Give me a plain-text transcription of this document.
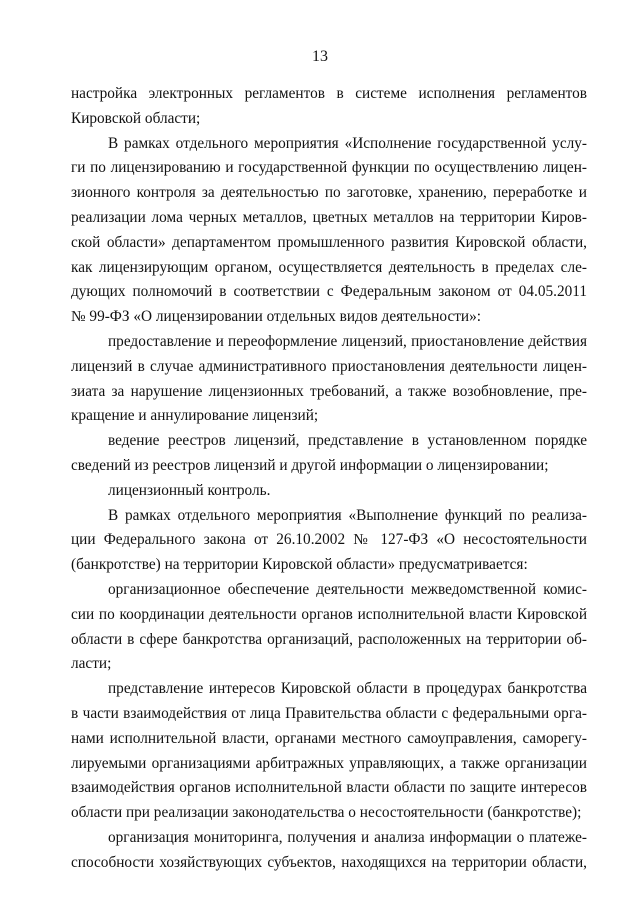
13
настройка электронных регламентов в системе исполнения регламентов
Кировской области;
В рамках отдельного мероприятия «Исполнение государственной услу-
ги по лицензированию и государственной функции по осуществлению лицен-
зионного контроля за деятельностью по заготовке, хранению, переработке и
реализации лома черных металлов, цветных металлов на территории Киров-
ской области» департаментом промышленного развития Кировской области,
как лицензирующим органом, осуществляется деятельность в пределах сле-
дующих полномочий в соответствии с Федеральным законом от 04.05.2011
№ 99-ФЗ «О лицензировании отдельных видов деятельности»:
предоставление и переоформление лицензий, приостановление действия
лицензий в случае административного приостановления деятельности лицен-
зиата за нарушение лицензионных требований, а также возобновление, пре-
кращение и аннулирование лицензий;
ведение реестров лицензий, представление в установленном порядке
сведений из реестров лицензий и другой информации о лицензировании;
лицензионный контроль.
В рамках отдельного мероприятия «Выполнение функций по реализа-
ции Федерального закона от 26.10.2002 № 127-ФЗ «О несостоятельности
(банкротстве) на территории Кировской области» предусматривается:
организационное обеспечение деятельности межведомственной комис-
сии по координации деятельности органов исполнительной власти Кировской
области в сфере банкротства организаций, расположенных на территории об-
ласти;
представление интересов Кировской области в процедурах банкротства
в части взаимодействия от лица Правительства области с федеральными орга-
нами исполнительной власти, органами местного самоуправления, саморегу-
лируемыми организациями арбитражных управляющих, а также организации
взаимодействия органов исполнительной власти области по защите интересов
области при реализации законодательства о несостоятельности (банкротстве);
организация мониторинга, получения и анализа информации о платеже-
способности хозяйствующих субъектов, находящихся на территории области,
